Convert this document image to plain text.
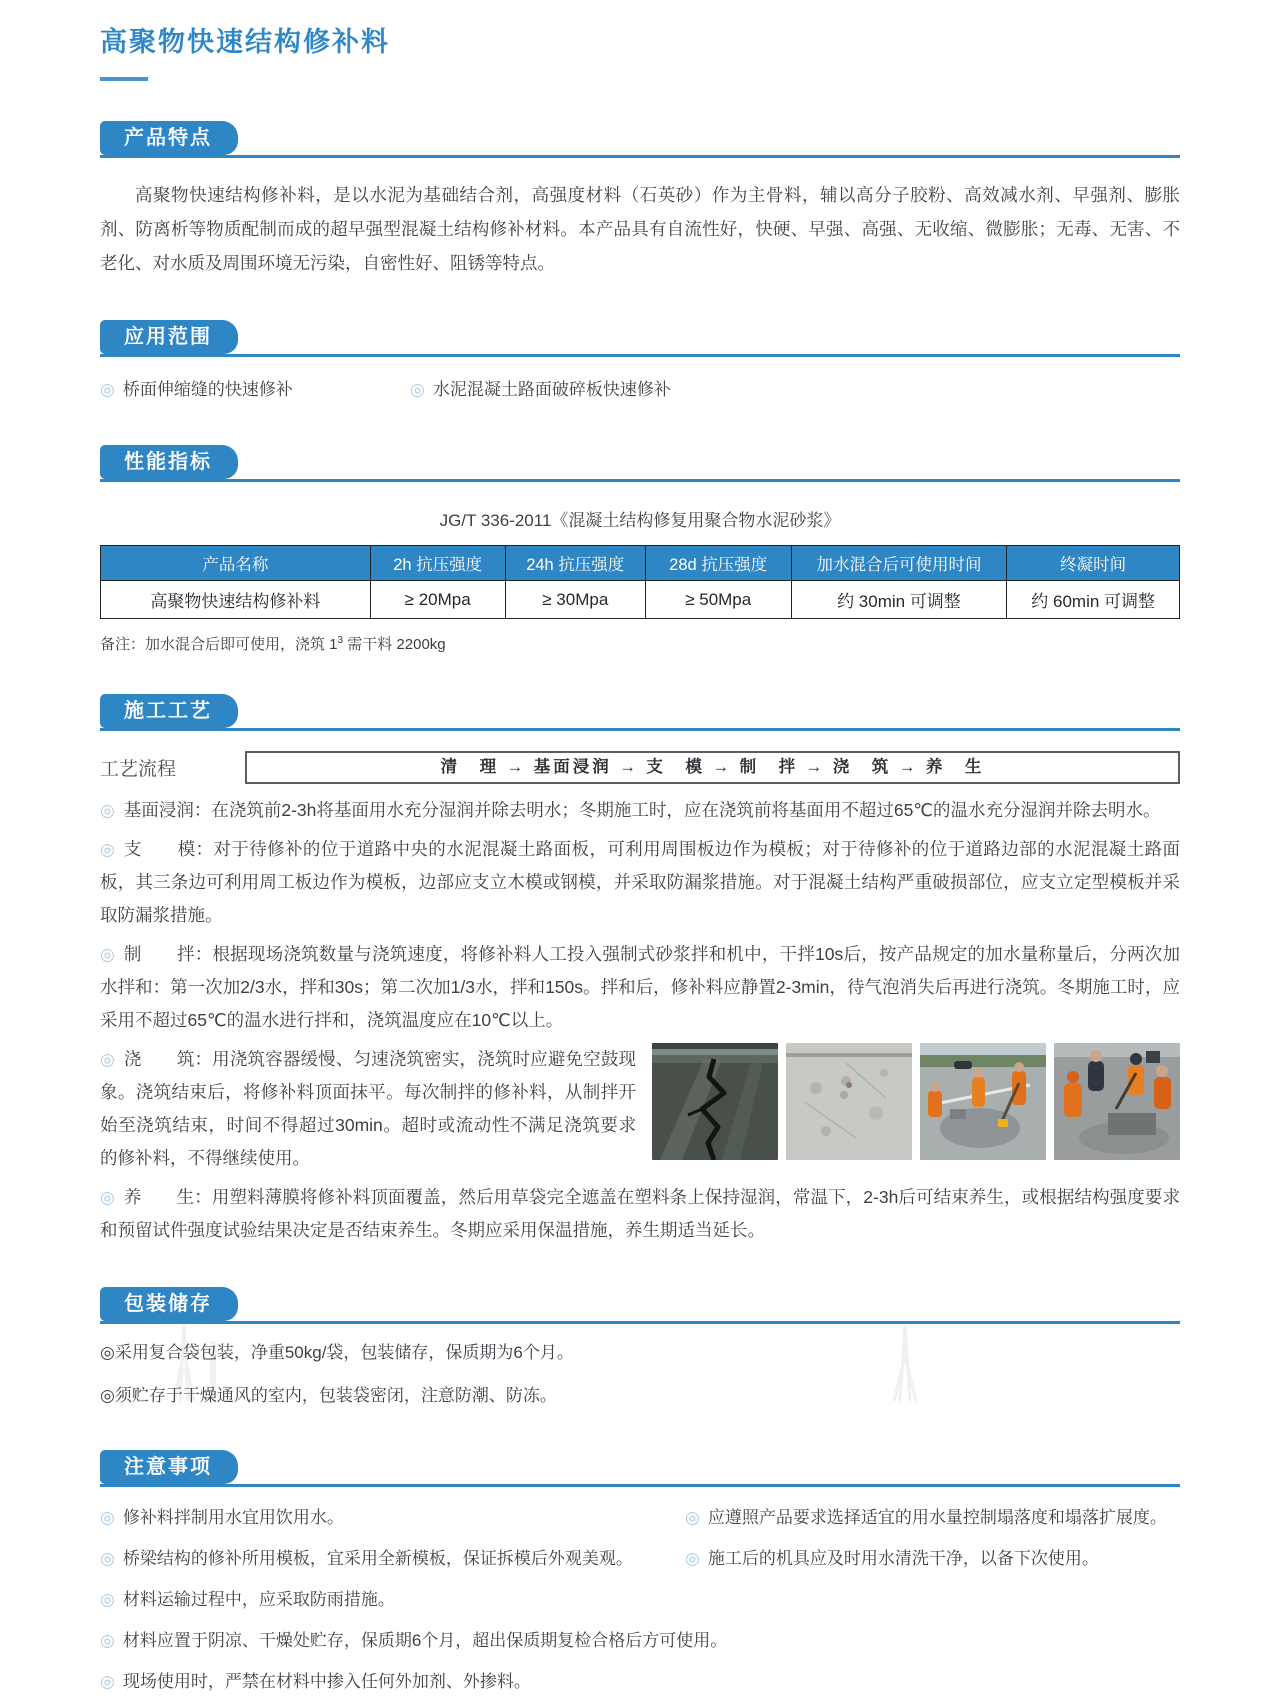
高聚物快速结构修补料
产品特点

高聚物快速结构修补料，是以水泥为基础结合剂，高强度材料（石英砂）作为主骨料，辅以高分子胶粉、高效减水剂、早强剂、膨胀剂、防离析等物质配制而成的超早强型混凝土结构修补材料。本产品具有自流性好，快硬、早强、高强、无收缩、微膨胀；无毒、无害、不老化、对水质及周围环境无污染，自密性好、阻锈等特点。

应用范围
◎ 桥面伸缩缝的快速修补	◎ 水泥混凝土路面破碎板快速修补
性能指标
JG/T 336-2011《混凝土结构修复用聚合物水泥砂浆》
产品名称	2h 抗压强度	24h 抗压强度	28d 抗压强度	加水混合后可使用时间	终凝时间
高聚物快速结构修补料	≥ 20Mpa	≥ 30Mpa	≥ 50Mpa	约 30min 可调整	约 60min 可调整
备注：加水混合后即可使用，浇筑 $1^3$ 需干料 2200kg
施工工艺
工艺流程	清　理 → 基面浸润 → 支　模 → 制　拌 → 浇　筑 → 养　生

◎ 基面浸润：在浇筑前2-3h将基面用水充分湿润并除去明水；冬期施工时，应在浇筑前将基面用不超过65℃的温水充分湿润并除去明水。

◎ 支　　模：对于待修补的位于道路中央的水泥混凝土路面板，可利用周围板边作为模板；对于待修补的位于道路边部的水泥混凝土路面板，其三条边可利用周工板边作为模板，边部应支立木模或钢模，并采取防漏浆措施。对于混凝土结构严重破损部位，应支立定型模板并采取防漏浆措施。

◎ 制　　拌：根据现场浇筑数量与浇筑速度，将修补料人工投入强制式砂浆拌和机中，干拌10s后，按产品规定的加水量称量后，分两次加水拌和：第一次加2/3水，拌和30s；第二次加1/3水，拌和150s。拌和后，修补料应静置2-3min，待气泡消失后再进行浇筑。冬期施工时，应采用不超过65℃的温水进行拌和，浇筑温度应在10℃以上。

◎ 浇　　筑：用浇筑容器缓慢、匀速浇筑密实，浇筑时应避免空鼓现象。浇筑结束后，将修补料顶面抹平。每次制拌的修补料，从制拌开始至浇筑结束，时间不得超过30min。超时或流动性不满足浇筑要求的修补料，不得继续使用。

◎ 养　　生：用塑料薄膜将修补料顶面覆盖，然后用草袋完全遮盖在塑料条上保持湿润，常温下，2-3h后可结束养生，或根据结构强度要求和预留试件强度试验结果决定是否结束养生。冬期应采用保温措施，养生期适当延长。

包装储存
◎ 采用复合袋包装，净重50kg/袋，包装储存，保质期为6个月。
◎ 须贮存于干燥通风的室内，包装袋密闭，注意防潮、防冻。
注意事项
◎ 修补料拌制用水宜用饮用水。
◎ 桥梁结构的修补所用模板，宜采用全新模板，保证拆模后外观美观。
◎ 材料运输过程中，应采取防雨措施。
◎ 应遵照产品要求选择适宜的用水量控制塌落度和塌落扩展度。
◎ 施工后的机具应及时用水清洗干净，以备下次使用。
◎ 材料应置于阴凉、干燥处贮存，保质期6个月，超出保质期复检合格后方可使用。
◎ 现场使用时，严禁在材料中掺入任何外加剂、外掺料。
